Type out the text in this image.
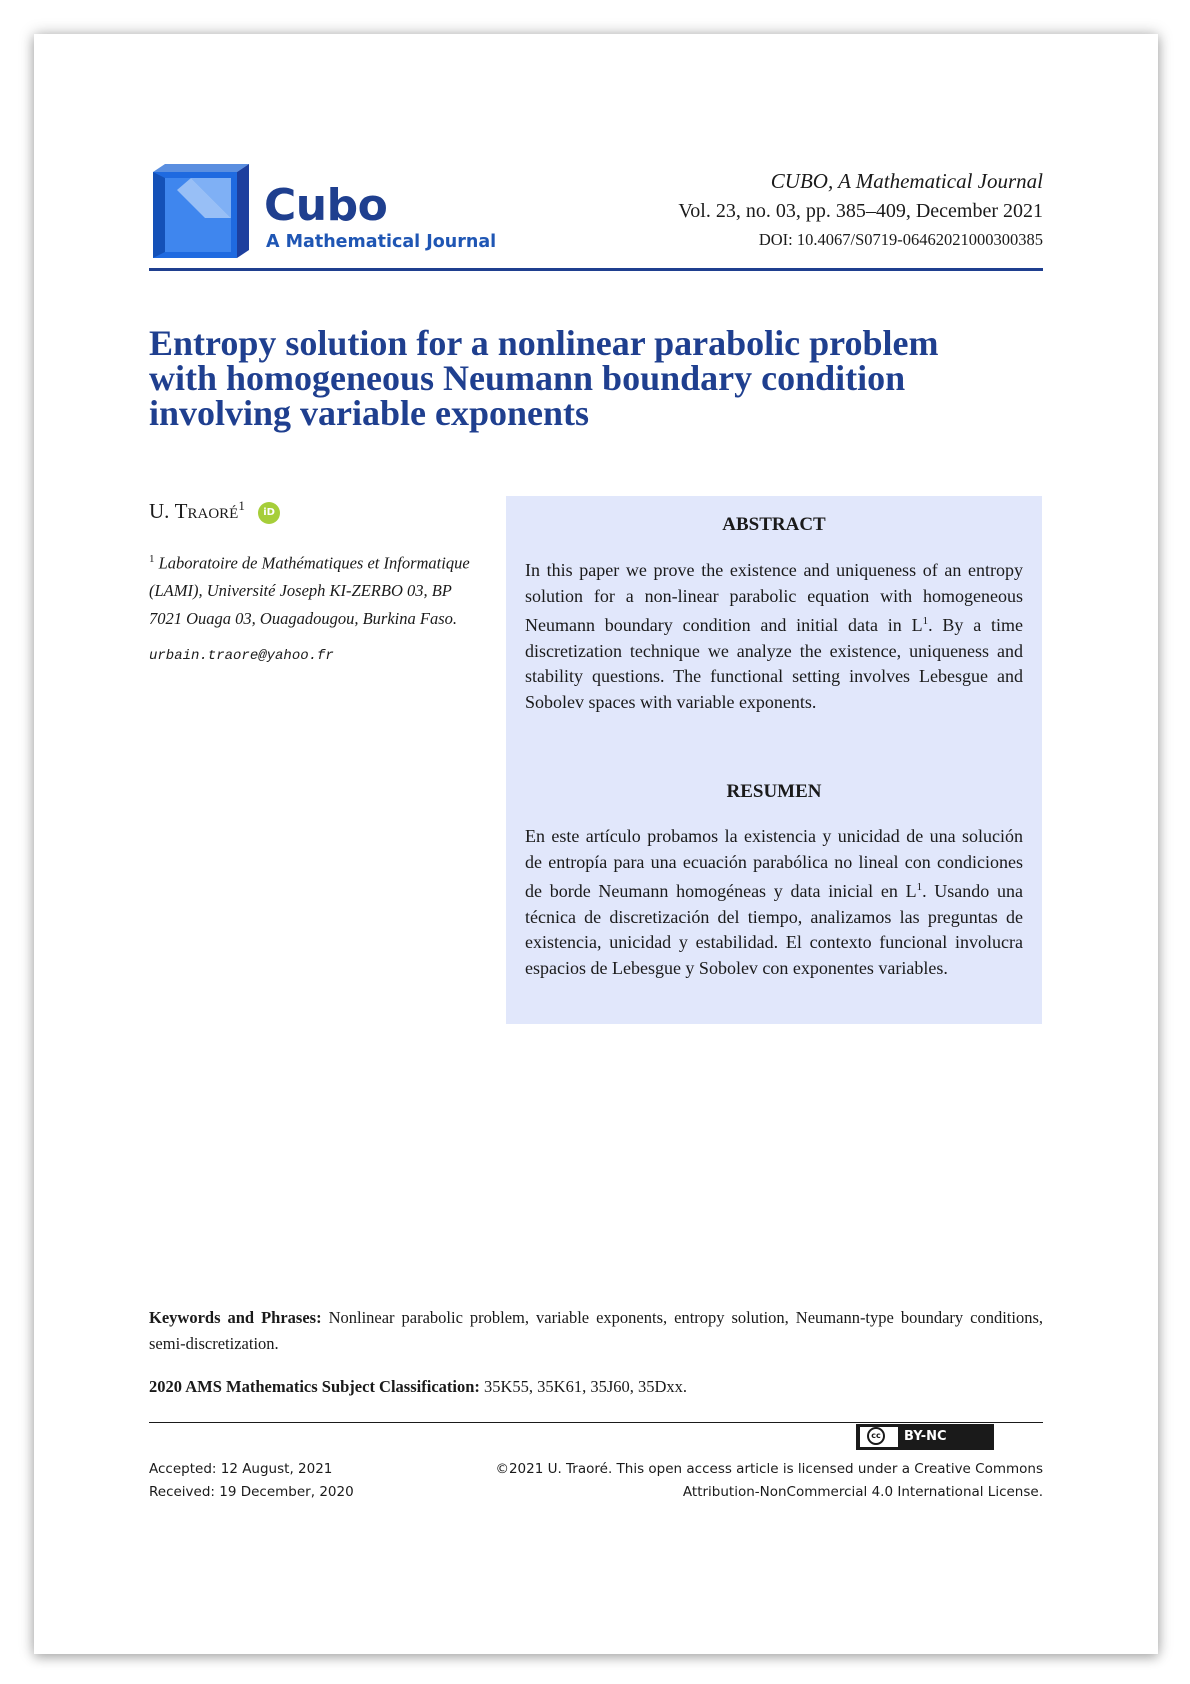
Cubo
A Mathematical Journal
CUBO, A Mathematical Journal
Vol. 23, no. 03, pp. 385–409, December 2021
DOI: 10.4067/S0719-06462021000300385
Entropy solution for a nonlinear parabolic problem
with homogeneous Neumann boundary condition
involving variable exponents
U. Traoré$^1$ iD
$^1$ Laboratoire de Mathématiques et Informatique (LAMI), Université Joseph KI-ZERBO 03, BP 7021 Ouaga 03, Ouagadougou, Burkina Faso.
urbain.traore@yahoo.fr
ABSTRACT
In this paper we prove the existence and uniqueness of an entropy solution for a non-linear parabolic equation with homogeneous Neumann boundary condition and initial data in $L^1$. By a time discretization technique we analyze the existence, uniqueness and stability questions. The functional setting involves Lebesgue and Sobolev spaces with variable exponents.
RESUMEN
En este artículo probamos la existencia y unicidad de una solución de entropía para una ecuación parabólica no lineal con condiciones de borde Neumann homogéneas y data inicial en $L^1$. Usando una técnica de discretización del tiempo, analizamos las preguntas de existencia, unicidad y estabilidad. El contexto funcional involucra espacios de Lebesgue y Sobolev con exponentes variables.
Keywords and Phrases: Nonlinear parabolic problem, variable exponents, entropy solution, Neumann-type boundary conditions, semi-discretization.
2020 AMS Mathematics Subject Classification: 35K55, 35K61, 35J60, 35Dxx.
cc	BY-NC
Accepted: 12 August, 2021
Received: 19 December, 2020
©2021 U. Traoré. This open access article is licensed under a Creative Commons
Attribution-NonCommercial 4.0 International License.
